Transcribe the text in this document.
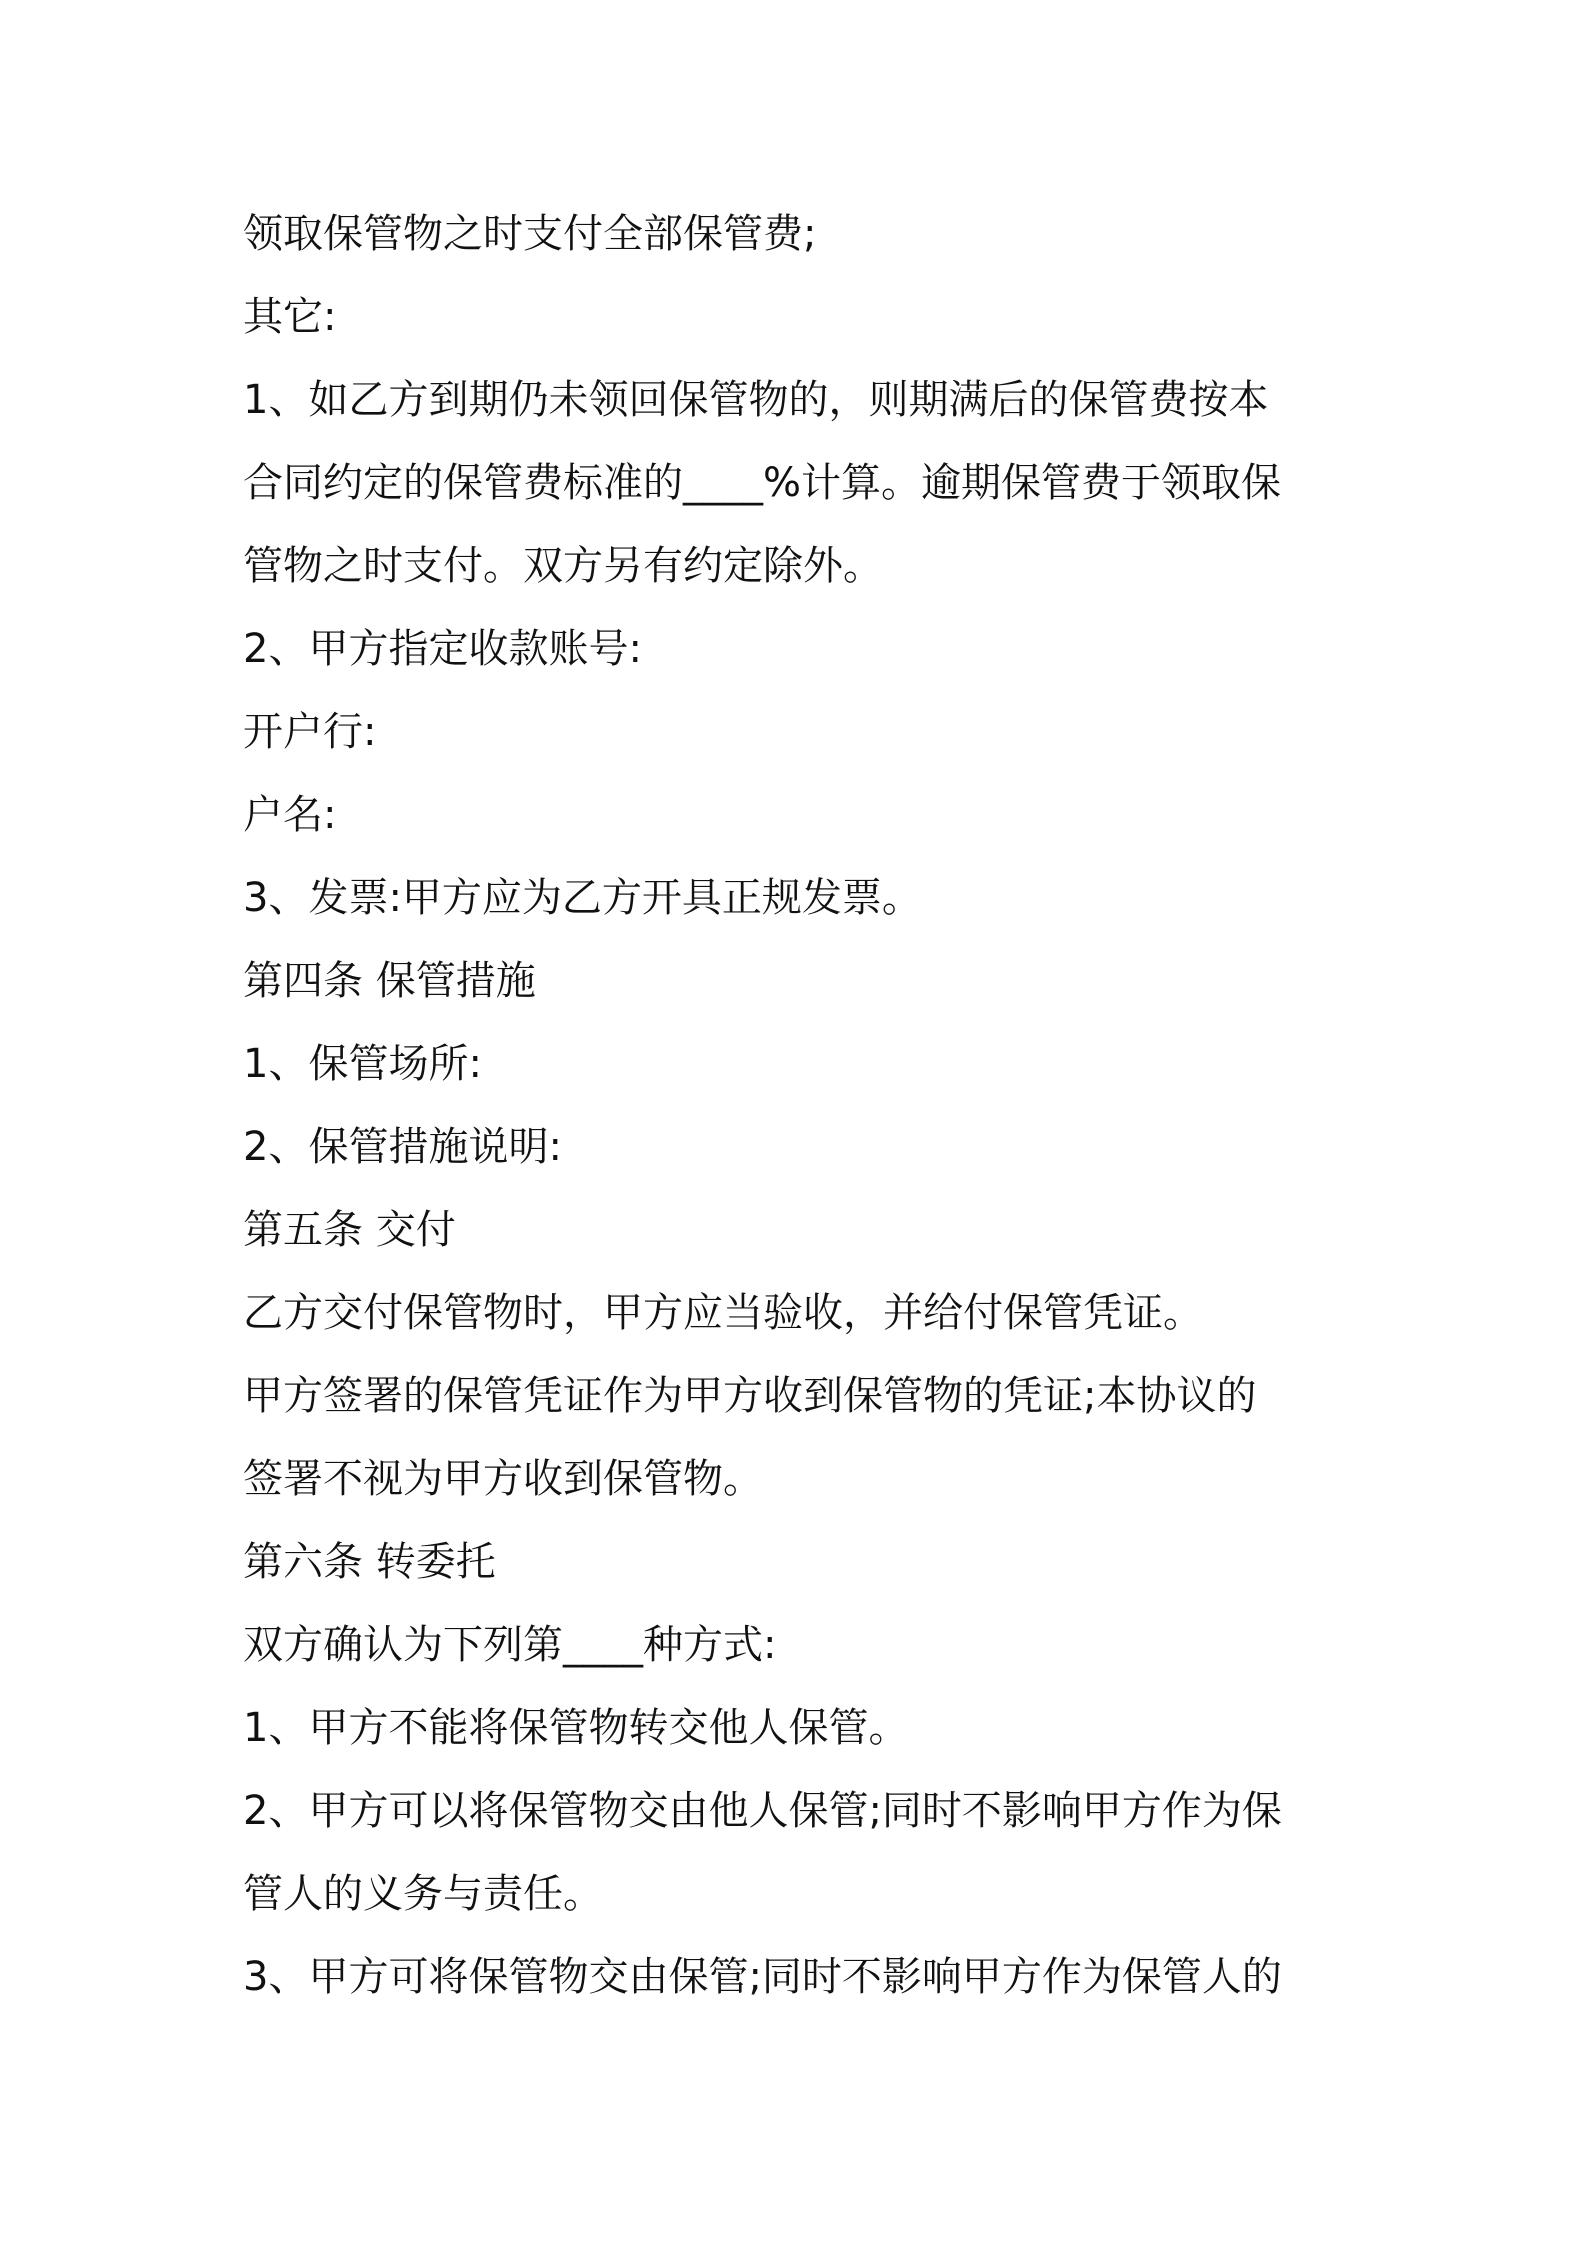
领取保管物之时支付全部保管费;
其它:
1、如乙方到期仍未领回保管物的，则期满后的保管费按本
合同约定的保管费标准的____%计算。逾期保管费于领取保
管物之时支付。双方另有约定除外。
2、甲方指定收款账号:
开户行:
户名:
3、发票:甲方应为乙方开具正规发票。
第四条 保管措施
1、保管场所:
2、保管措施说明:
第五条 交付
乙方交付保管物时，甲方应当验收，并给付保管凭证。
甲方签署的保管凭证作为甲方收到保管物的凭证;本协议的
签署不视为甲方收到保管物。
第六条 转委托
双方确认为下列第____种方式:
1、甲方不能将保管物转交他人保管。
2、甲方可以将保管物交由他人保管;同时不影响甲方作为保
管人的义务与责任。
3、甲方可将保管物交由保管;同时不影响甲方作为保管人的
